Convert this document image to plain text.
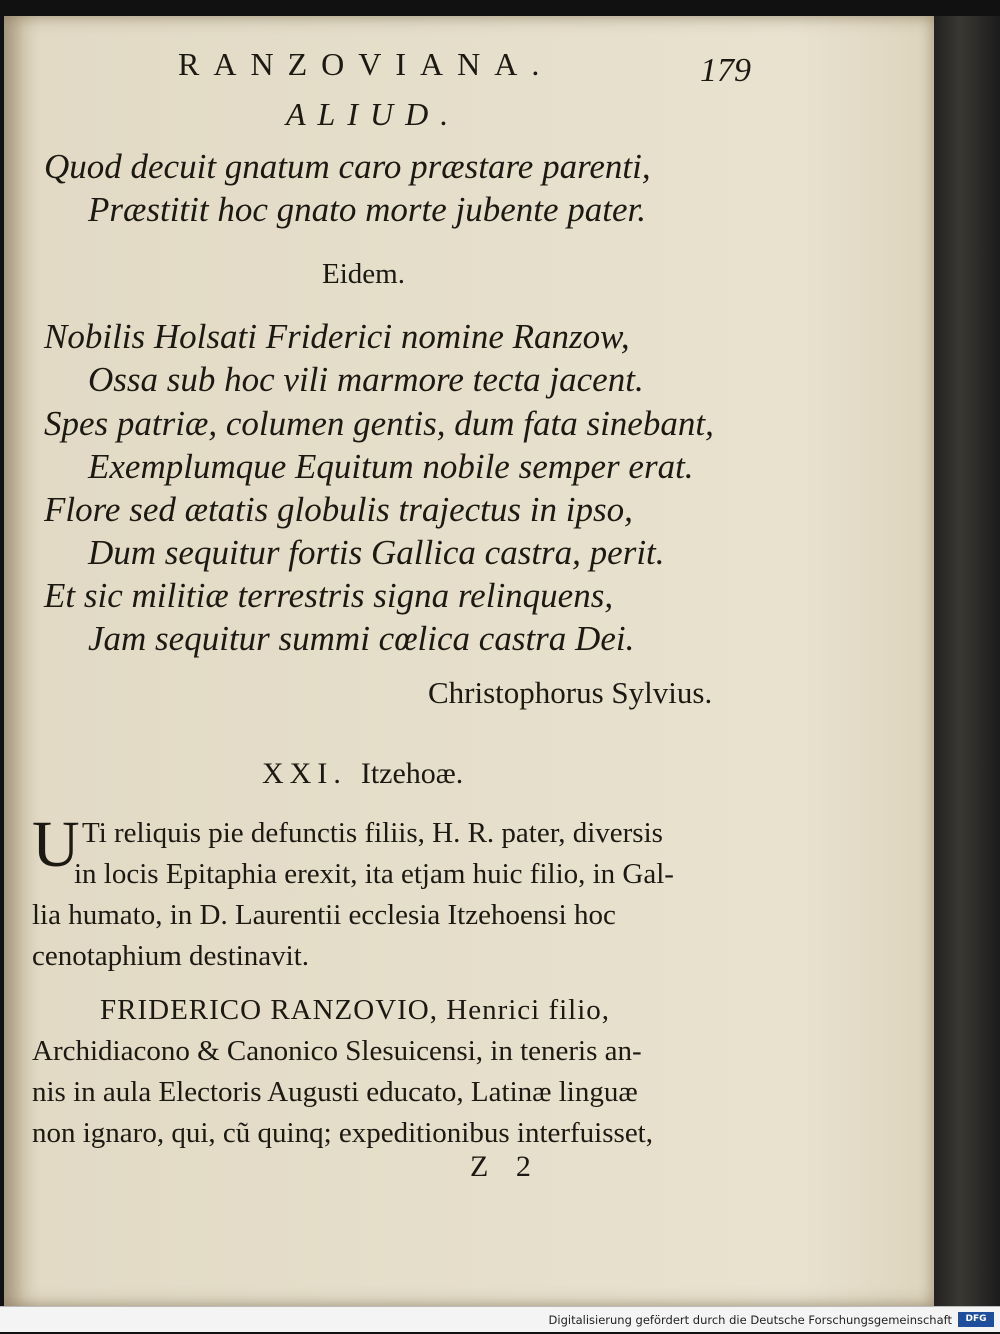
RANZOVIANA.	179
ALIUD.
Quod decuit gnatum caro præstare parenti,
Præstitit hoc gnato morte jubente pater.
Eidem.
Nobilis Holsati Friderici nomine Ranzow,
Ossa sub hoc vili marmore tecta jacent.
Spes patriæ, columen gentis, dum fata sinebant,
Exemplumque Equitum nobile semper erat.
Flore sed ætatis globulis trajectus in ipso,
Dum sequitur fortis Gallica castra, perit.
Et sic militiæ terrestris signa relinquens,
Jam sequitur summi cœlica castra Dei.
Christophorus Sylvius.
XXI. Itzehoæ.
U Ti reliquis pie defunctis filiis, H. R. pater, diversis
in locis Epitaphia erexit, ita etjam huic filio, in Gal-
lia humato, in D. Laurentii ecclesia Itzehoensi hoc
cenotaphium destinavit.
FRIDERICO RANZOVIO, Henrici filio,
Archidiacono & Canonico Slesuicensi, in teneris an-
nis in aula Electoris Augusti educato, Latinæ linguæ
non ignaro, qui, cũ quinq; expeditionibus interfuisset,
Z 2
Digitalisierung gefördert durch die Deutsche Forschungsgemeinschaft	DFG
